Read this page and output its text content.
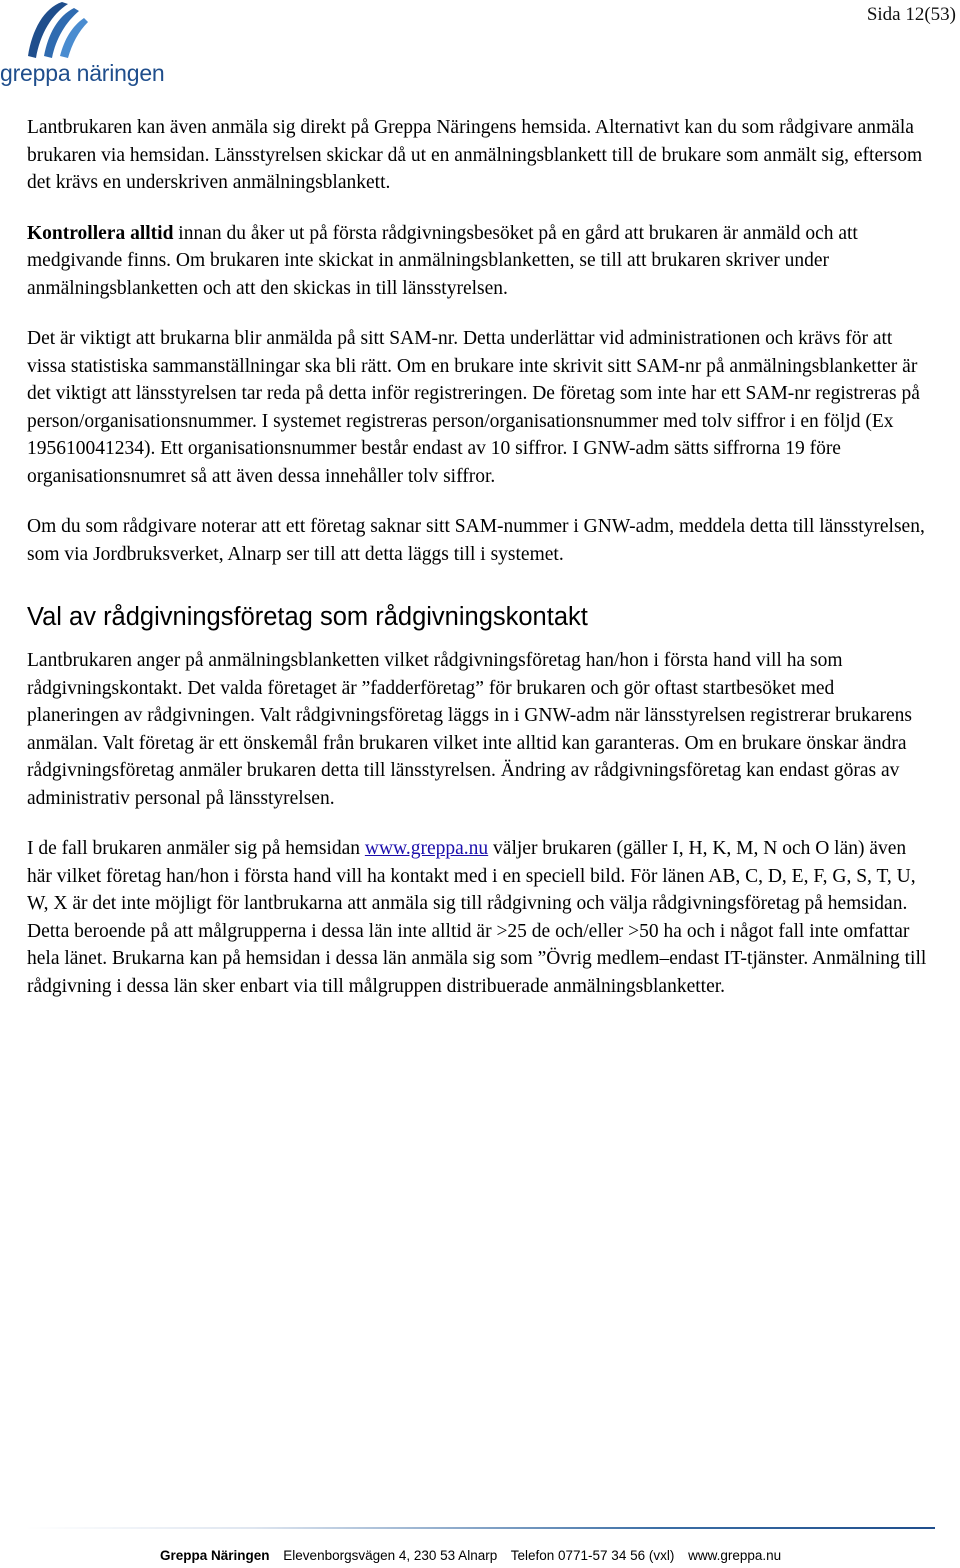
greppa näringen
Sida 12(53)

Lantbrukaren kan även anmäla sig direkt på Greppa Näringens hemsida. Alternativt kan du som rådgivare anmäla brukaren via hemsidan. Länsstyrelsen skickar då ut en anmälningsblankett till de brukare som anmält sig, eftersom det krävs en underskriven anmälningsblankett.

Kontrollera alltid innan du åker ut på första rådgivningsbesöket på en gård att brukaren är anmäld och att medgivande finns. Om brukaren inte skickat in anmälningsblanketten, se till att brukaren skriver under anmälningsblanketten och att den skickas in till länsstyrelsen.

Det är viktigt att brukarna blir anmälda på sitt SAM-nr. Detta underlättar vid administrationen och krävs för att vissa statistiska sammanställningar ska bli rätt. Om en brukare inte skrivit sitt SAM-nr på anmälningsblanketter är det viktigt att länsstyrelsen tar reda på detta inför registreringen. De företag som inte har ett SAM-nr registreras på person/organisationsnummer. I systemet registreras person/organisationsnummer med tolv siffror i en följd (Ex 195610041234). Ett organisationsnummer består endast av 10 siffror. I GNW-adm sätts siffrorna 19 före organisationsnumret så att även dessa innehåller tolv siffror.

Om du som rådgivare noterar att ett företag saknar sitt SAM-nummer i GNW-adm, meddela detta till länsstyrelsen, som via Jordbruksverket, Alnarp ser till att detta läggs till i systemet.

Val av rådgivningsföretag som rådgivningskontakt

Lantbrukaren anger på anmälningsblanketten vilket rådgivningsföretag han/hon i första hand vill ha som rådgivningskontakt. Det valda företaget är ”fadderföretag” för brukaren och gör oftast startbesöket med planeringen av rådgivningen. Valt rådgivningsföretag läggs in i GNW-adm när länsstyrelsen registrerar brukarens anmälan. Valt företag är ett önskemål från brukaren vilket inte alltid kan garanteras. Om en brukare önskar ändra rådgivningsföretag anmäler brukaren detta till länsstyrelsen. Ändring av rådgivningsföretag kan endast göras av administrativ personal på länsstyrelsen.

I de fall brukaren anmäler sig på hemsidan www.greppa.nu väljer brukaren (gäller I, H, K, M, N och O län) även här vilket företag han/hon i första hand vill ha kontakt med i en speciell bild. För länen AB, C, D, E, F, G, S, T, U, W, X är det inte möjligt för lantbrukarna att anmäla sig till rådgivning och välja rådgivningsföretag på hemsidan. Detta beroende på att målgrupperna i dessa län inte alltid är >25 de och/eller >50 ha och i något fall inte omfattar hela länet. Brukarna kan på hemsidan i dessa län anmäla sig som ”Övrig medlem–endast IT-tjänster. Anmälning till rådgivning i dessa län sker enbart via till målgruppen distribuerade anmälningsblanketter.

Greppa Näringen Elevenborgsvägen 4, 230 53 Alnarp Telefon 0771-57 34 56 (vxl) www.greppa.nu
